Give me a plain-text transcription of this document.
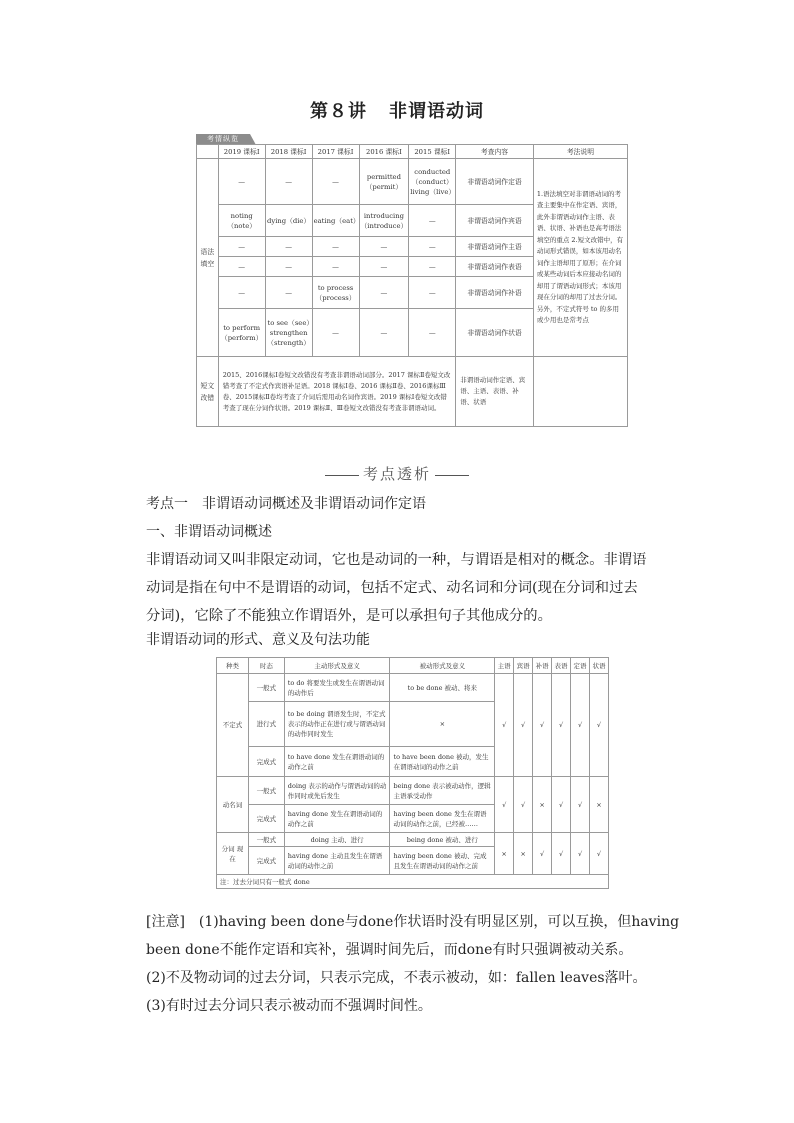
第８讲 非谓语动词
考情纵览
	2019 课标Ⅰ	2018 课标Ⅰ	2017 课标Ⅰ	2016 课标Ⅰ	2015 课标Ⅰ	考查内容	考法说明
语法填空	—	—	—	permitted（permit）	conducted（conduct）living（live）	非谓语动词作定语	1.语法填空对非谓语动词的考查主要集中在作定语、宾语，此外非谓语动词作主语、表语、状语、补语也是高考语法填空的重点 2.短文改错中，有动词形式错误，如本该用动名词作主语却用了原形；在介词或某些动词后本应接动名词的却用了谓语动词形式；本该用现在分词的却用了过去分词。另外，不定式符号 to 的多用或少用也是常考点
	noting（note）	dying（die）	eating（eat）	introducing（introduce）	—	非谓语动词作宾语	
	—	—	—	—	—	非谓语动词作主语	
	—	—	—	—	—	非谓语动词作表语	
	—	—	to process（process）	—	—	非谓语动词作补语	
	to perform（perform）	to see（see）strengthen（strength）	—	—	—	非谓语动词作状语	
短文改错	2015、2016课标Ⅰ卷短文改错没有考查非谓语动词部分。2017 课标Ⅱ卷短文改错考查了不定式作宾语补足语。2018 课标Ⅰ卷、2016 课标Ⅱ卷、2016课标Ⅲ卷、2015课标Ⅱ卷均考查了介词后需用动名词作宾语。2019 课标Ⅰ卷短文改错考查了现在分词作状语。2019 课标Ⅱ、Ⅲ卷短文改错没有考查非谓语动词。					非谓语动词作定语、宾语、主语、表语、补语、状语	
考点透析
考点一　非谓语动词概述及非谓语动词作定语
一、非谓语动词概述
非谓语动词又叫非限定动词，它也是动词的一种，与谓语是相对的概念。非谓语动词是指在句中不是谓语的动词，包括不定式、动名词和分词(现在分词和过去分词)，它除了不能独立作谓语外，是可以承担句子其他成分的。
非谓语动词的形式、意义及句法功能
种类	时态	主动形式及意义	被动形式及意义	主语	宾语	补语	表语	定语	状语
不定式	一般式	to do 将要发生或发生在谓语动词的动作后	to be done 被动、将来	√	√	√	√	√	√
	进行式	to be doing 谓语发生时，不定式表示的动作正在进行或与谓语动词的动作同时发生	×						
	完成式	to have done 发生在谓语动词的动作之前	to have been done 被动，发生在谓语动词的动作之前						
动名词	一般式	doing 表示的动作与谓语动词的动作同时或先后发生	being done 表示被动动作，逻辑主语承受动作	√	√	×	√	√	×
	完成式	having done 发生在谓语动词的动作之前	having been done 发生在谓语动词的动作之前，已经被……						
分词 现在	一般式	doing 主动、进行	being done 被动、进行	×	×	√	√	√	√
	完成式	having done 主动且发生在谓语动词的动作之前	having been done 被动、完成且发生在谓语动词的动作之前						
注：过去分词只有一般式 done									
[注意]　(1)having been done与done作状语时没有明显区别，可以互换，但having been done不能作定语和宾补，强调时间先后，而done有时只强调被动关系。
(2)不及物动词的过去分词，只表示完成，不表示被动，如：fallen leaves落叶。
(3)有时过去分词只表示被动而不强调时间性。
